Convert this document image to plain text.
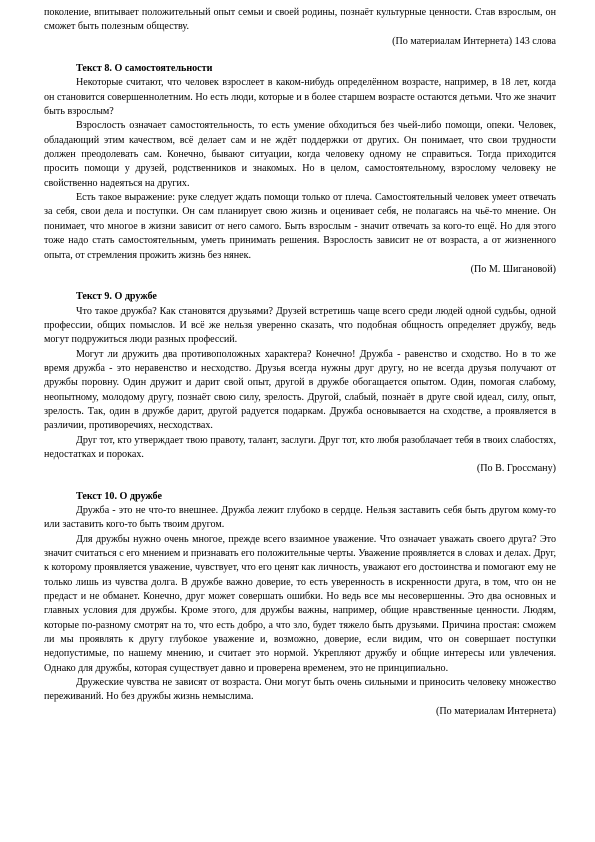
поколение, впитывает положительный опыт семьи и своей родины, познаёт культурные ценности. Став взрослым, он сможет быть полезным обществу.

(По материалам Интернета) 143 слова

Текст 8. О самостоятельности

Некоторые считают, что человек взрослеет в каком-нибудь определённом возрасте, например, в 18 лет, когда он становится совершеннолетним. Но есть люди, которые и в более старшем возрасте остаются детьми. Что же значит быть взрослым?

Взрослость означает самостоятельность, то есть умение обходиться без чьей-либо помощи, опеки. Человек, обладающий этим качеством, всё делает сам и не ждёт поддержки от других. Он понимает, что свои трудности должен преодолевать сам. Конечно, бывают ситуации, когда человеку одному не справиться. Тогда приходится просить помощи у друзей, родственников и знакомых. Но в целом, самостоятельному, взрослому человеку не свойственно надеяться на других.

Есть такое выражение: руке следует ждать помощи только от плеча. Самостоятельный человек умеет отвечать за себя, свои дела и поступки. Он сам планирует свою жизнь и оценивает себя, не полагаясь на чьё-то мнение. Он понимает, что многое в жизни зависит от него самого. Быть взрослым - значит отвечать за кого-то ещё. Но для этого тоже надо стать самостоятельным, уметь принимать решения. Взрослость зависит не от возраста, а от жизненного опыта, от стремления прожить жизнь без нянек.

(По М. Шигановой)

Текст 9. О дружбе

Что такое дружба? Как становятся друзьями? Друзей встретишь чаще всего среди людей одной судьбы, одной профессии, общих помыслов. И всё же нельзя уверенно сказать, что подобная общность определяет дружбу, ведь могут подружиться люди разных профессий.

Могут ли дружить два противоположных характера? Конечно! Дружба - равенство и сходство. Но в то же время дружба - это неравенство и несходство. Друзья всегда нужны друг другу, но не всегда друзья получают от дружбы поровну. Один дружит и дарит свой опыт, другой в дружбе обогащается опытом. Один, помогая слабому, неопытному, молодому другу, познаёт свою силу, зрелость. Другой, слабый, познаёт в друге свой идеал, силу, опыт, зрелость. Так, один в дружбе дарит, другой радуется подаркам. Дружба основывается на сходстве, а проявляется в различии, противоречиях, несходствах.

Друг тот, кто утверждает твою правоту, талант, заслуги. Друг тот, кто любя разоблачает тебя в твоих слабостях, недостатках и пороках.

(По В. Гроссману)

Текст 10. О дружбе

Дружба - это не что-то внешнее. Дружба лежит глубоко в сердце. Нельзя заставить себя быть другом кому-то или заставить кого-то быть твоим другом.

Для дружбы нужно очень многое, прежде всего взаимное уважение. Что означает уважать своего друга? Это значит считаться с его мнением и признавать его положительные черты. Уважение проявляется в словах и делах. Друг, к которому проявляется уважение, чувствует, что его ценят как личность, уважают его достоинства и помогают ему не только лишь из чувства долга. В дружбе важно доверие, то есть уверенность в искренности друга, в том, что он не предаст и не обманет. Конечно, друг может совершать ошибки. Но ведь все мы несовершенны. Это два основных и главных условия для дружбы. Кроме этого, для дружбы важны, например, общие нравственные ценности. Людям, которые по-разному смотрят на то, что есть добро, а что зло, будет тяжело быть друзьями. Причина простая: сможем ли мы проявлять к другу глубокое уважение и, возможно, доверие, если видим, что он совершает поступки недопустимые, по нашему мнению, и считает это нормой. Укрепляют дружбу и общие интересы или увлечения. Однако для дружбы, которая существует давно и проверена временем, это не принципиально.

Дружеские чувства не зависят от возраста. Они могут быть очень сильными и приносить человеку множество переживаний. Но без дружбы жизнь немыслима.

(По материалам Интернета)
